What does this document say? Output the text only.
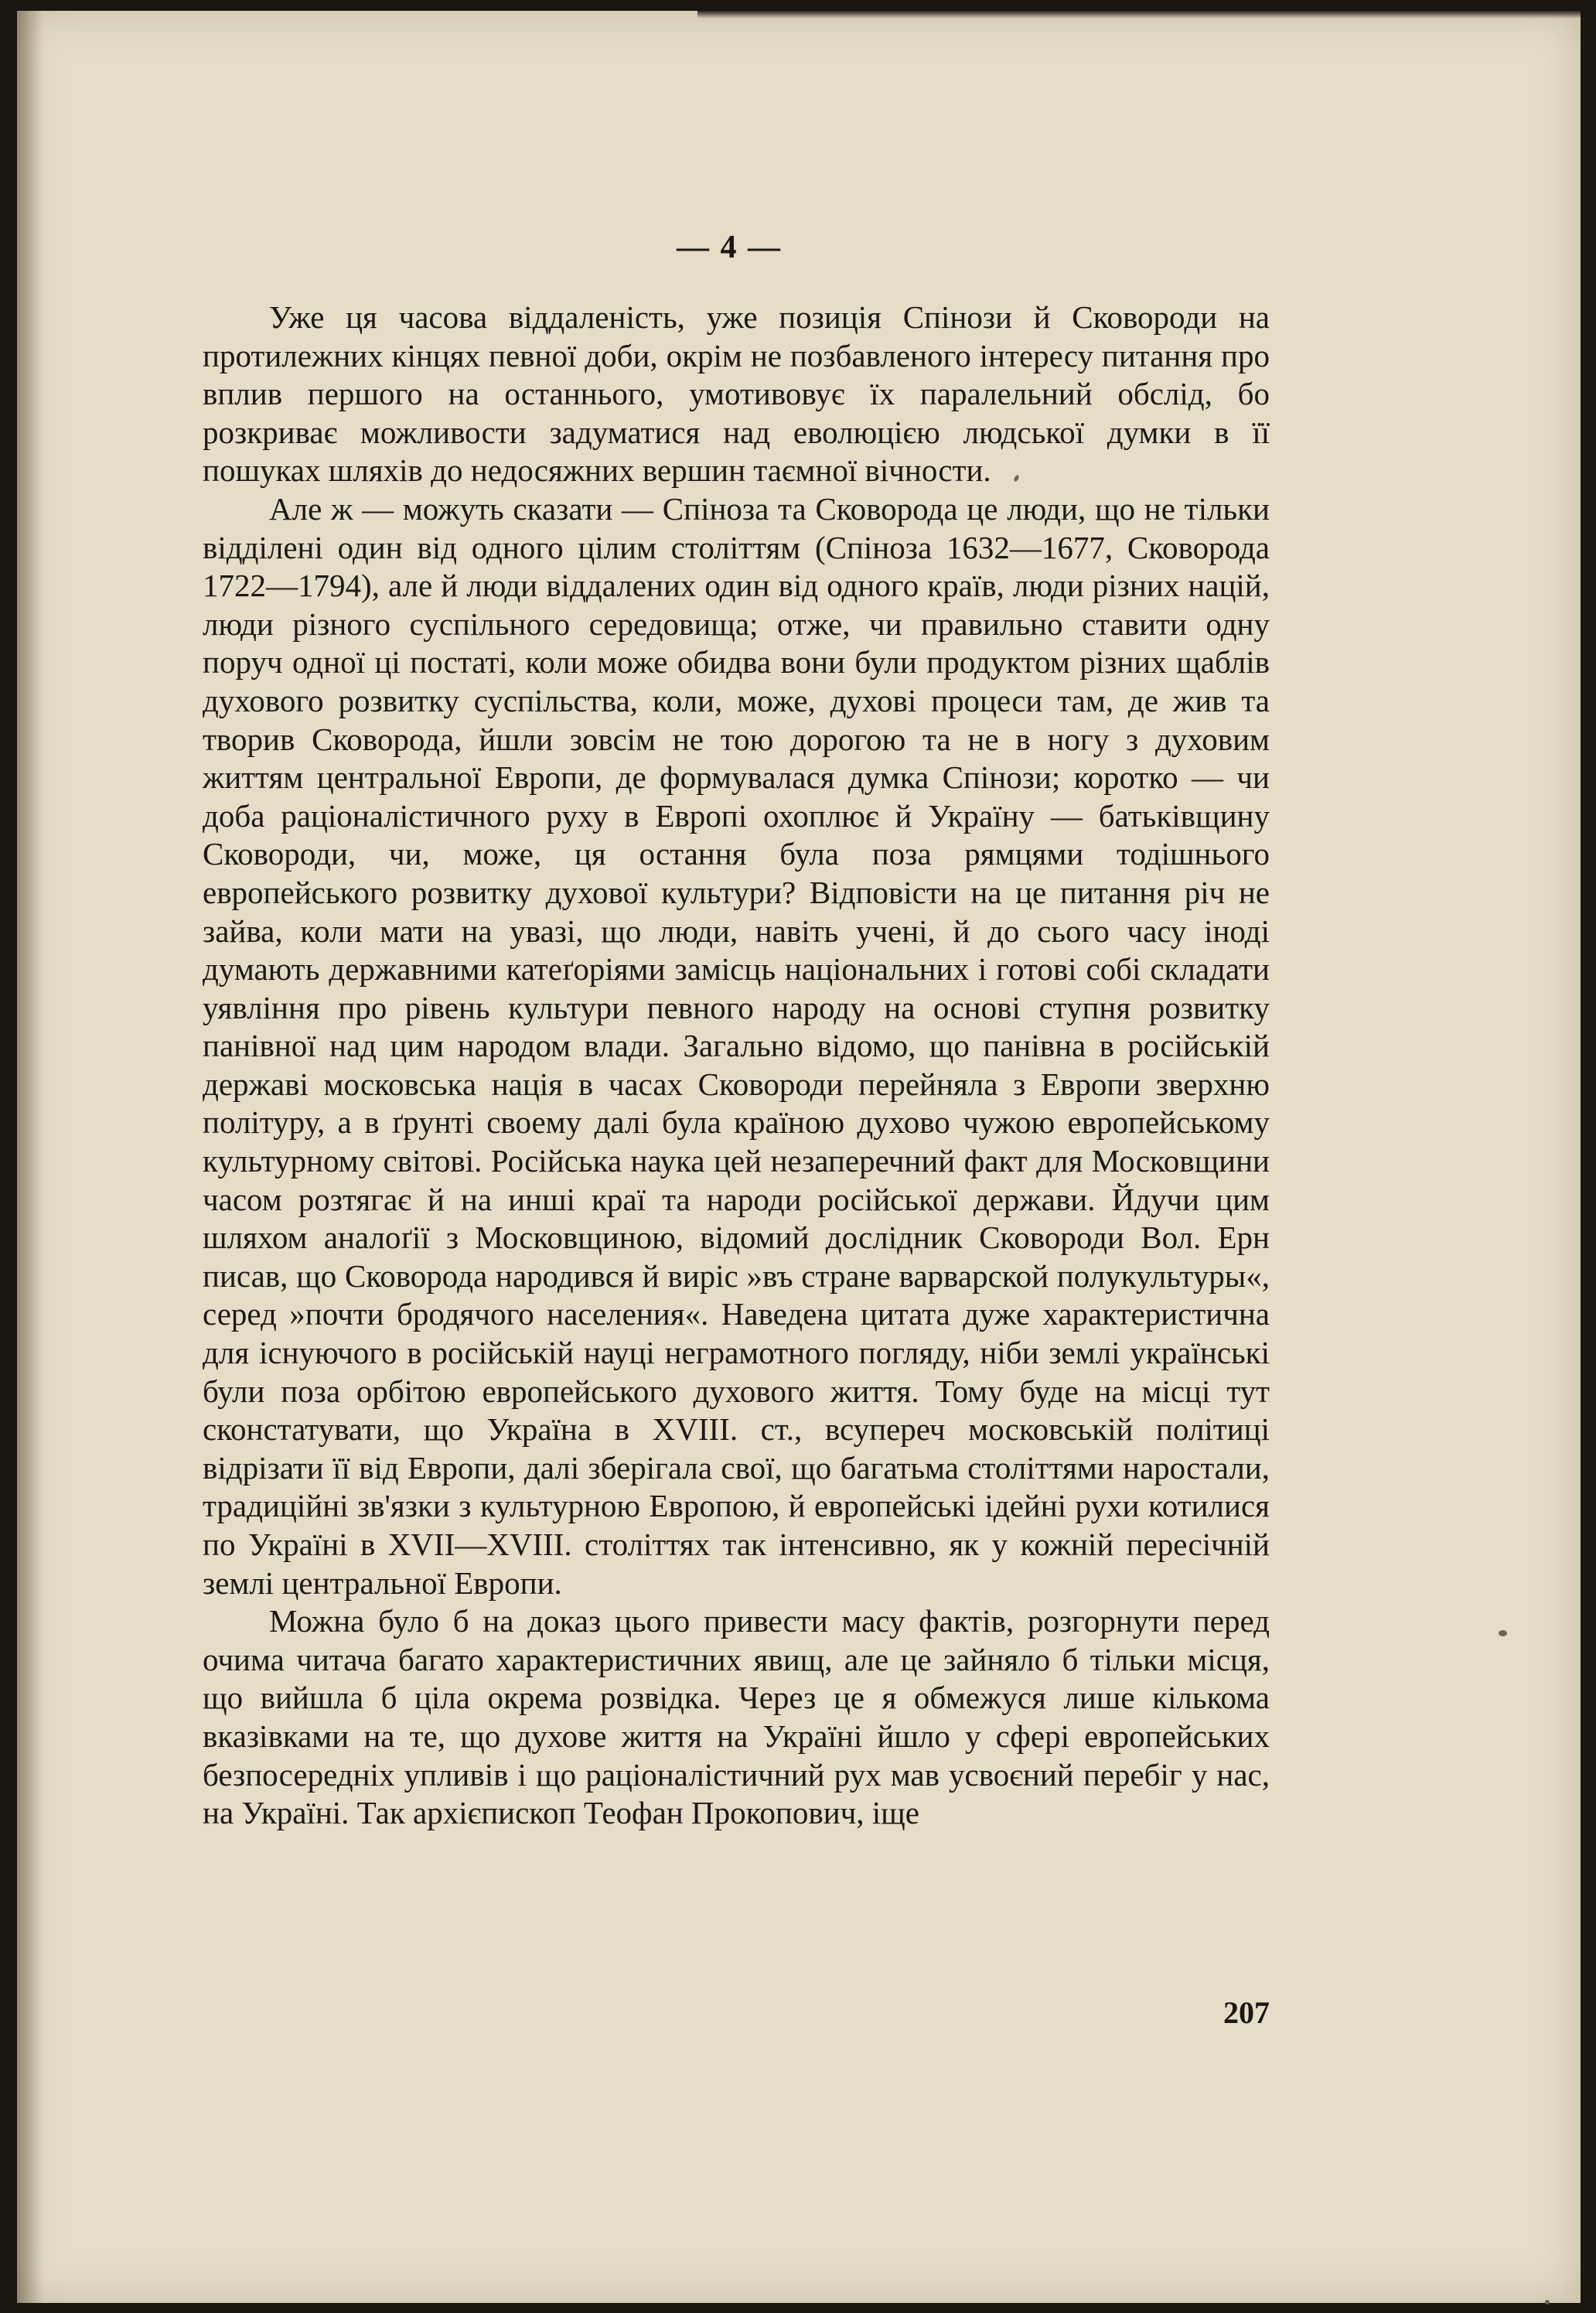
— 4 —

Уже ця часова віддаленість, уже позиція Спінози й Сковороди на протилежних кінцях певної доби, окрім не позбавленого інтересу питання про вплив першого на останнього, умотивовує їх паралельний обслід, бо розкриває можливости задуматися над еволюцією людської думки в її пошуках шляхів до недосяжних вершин таємної вічности.

Але ж — можуть сказати — Спіноза та Сковорода це люди, що не тільки відділені один від одного цілим століттям (Спіноза 1632—1677, Сковорода 1722—1794), але й люди віддалених один від одного країв, люди різних націй, люди різного суспільного середовища; отже, чи правильно ставити одну поруч одної ці постаті, коли може обидва вони були продуктом різних щаблів духового розвитку суспільства, коли, може, духові процеси там, де жив та творив Сковорода, йшли зовсім не тою дорогою та не в ногу з духовим життям центральної Европи, де формувалася думка Спінози; коротко — чи доба раціоналістичного руху в Европі охоплює й Україну — батьківщину Сковороди, чи, може, ця остання була поза рямцями тодішнього европейського розвитку духової культури? Відповісти на це питання річ не зайва, коли мати на увазі, що люди, навіть учені, й до сього часу іноді думають державними катеґоріями замісць національних і готові собі складати уявління про рівень культури певного народу на основі ступня розвитку панівної над цим народом влади. Загально відомо, що панівна в російській державі московська нація в часах Сковороди перейняла з Европи зверхню політуру, а в ґрунті своему далі була країною духово чужою европейському культурному світові. Російська наука цей незаперечний факт для Московщини часом розтягає й на инші краї та народи російської держави. Йдучи цим шляхом аналоґії з Московщиною, відомий дослідник Сковороди Вол. Ерн писав, що Сковорода народився й виріс »въ стране варварской полукультуры«, серед »почти бродячого населения«. Наведена цитата дуже характеристична для існуючого в російській науці неграмотного погляду, ніби землі українські були поза орбітою европейського духового життя. Тому буде на місці тут сконстатувати, що Україна в XVIII. ст., всупереч московській політиці відрізати її від Европи, далі зберігала свої, що багатьма століттями наростали, традиційні зв'язки з культурною Европою, й европейські ідейні рухи котилися по Україні в XVII—XVIII. століттях так інтенсивно, як у кожній пересічній землі центральної Европи.

Можна було б на доказ цього привести масу фактів, розгорнути перед очима читача багато характеристичних явищ, але це зайняло б тільки місця, що вийшла б ціла окрема розвідка. Через це я обмежуся лише кількома вказівками на те, що духове життя на Україні йшло у сфері европейських безпосередніх упливів і що раціоналістичний рух мав усвоєний перебіг у нас, на Україні. Так архієпископ Теофан Прокопович, іще

207
